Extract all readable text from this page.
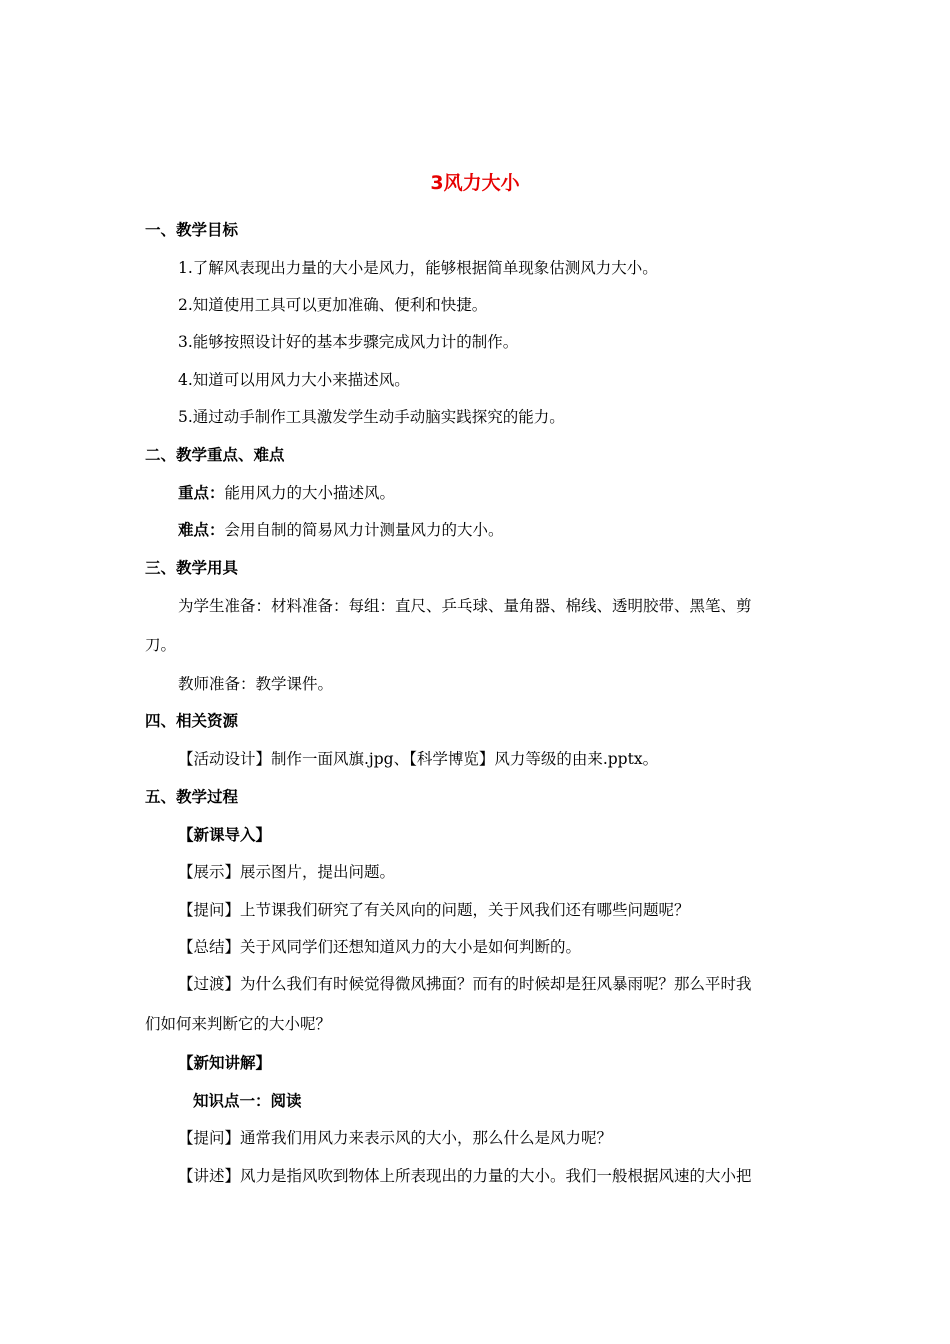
3风力大小
一、教学目标
1.了解风表现出力量的大小是风力，能够根据简单现象估测风力大小。
2.知道使用工具可以更加准确、便利和快捷。
3.能够按照设计好的基本步骤完成风力计的制作。
4.知道可以用风力大小来描述风。
5.通过动手制作工具激发学生动手动脑实践探究的能力。
二、教学重点、难点
重点：能用风力的大小描述风。
难点：会用自制的简易风力计测量风力的大小。
三、教学用具
为学生准备：材料准备：每组：直尺、乒乓球、量角器、棉线、透明胶带、黑笔、剪
刀。
教师准备：教学课件。
四、相关资源
【活动设计】制作一面风旗.jpg、【科学博览】风力等级的由来.pptx。
五、教学过程
【新课导入】
【展示】展示图片，提出问题。
【提问】上节课我们研究了有关风向的问题，关于风我们还有哪些问题呢？
【总结】关于风同学们还想知道风力的大小是如何判断的。
【过渡】为什么我们有时候觉得微风拂面？而有的时候却是狂风暴雨呢？那么平时我
们如何来判断它的大小呢？
【新知讲解】
知识点一：阅读
【提问】通常我们用风力来表示风的大小，那么什么是风力呢？
【讲述】风力是指风吹到物体上所表现出的力量的大小。我们一般根据风速的大小把
